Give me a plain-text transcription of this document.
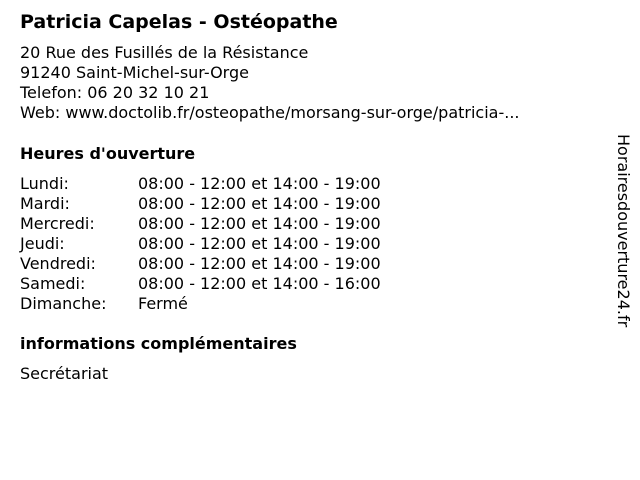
Patricia Capelas - Ostéopathe
20 Rue des Fusillés de la Résistance
91240 Saint-Michel-sur-Orge
Telefon: 06 20 32 10 21
Web: www.doctolib.fr/osteopathe/morsang-sur-orge/patricia-...
Heures d'ouverture
Lundi:	08:00 - 12:00 et 14:00 - 19:00
Mardi:	08:00 - 12:00 et 14:00 - 19:00
Mercredi:	08:00 - 12:00 et 14:00 - 19:00
Jeudi:	08:00 - 12:00 et 14:00 - 19:00
Vendredi:	08:00 - 12:00 et 14:00 - 19:00
Samedi:	08:00 - 12:00 et 14:00 - 16:00
Dimanche:	Fermé
informations complémentaires
Secrétariat
Horairesdouverture24.fr
